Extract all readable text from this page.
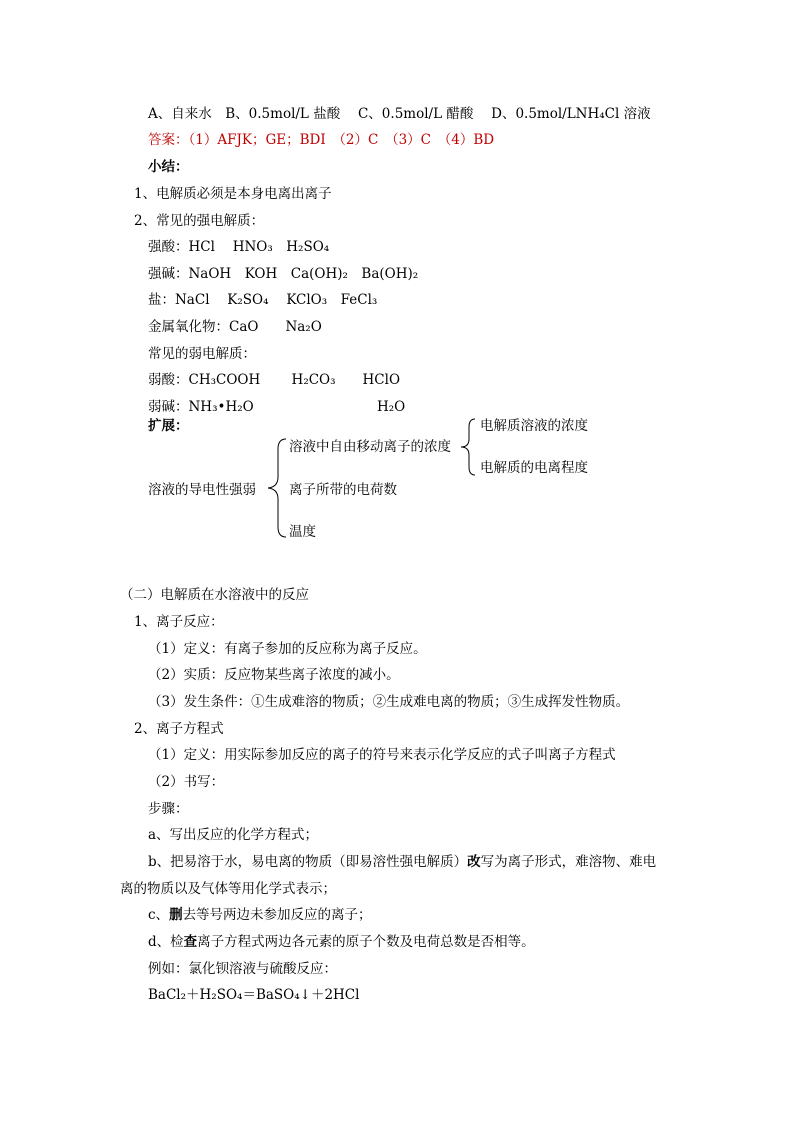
A、自来水　B、0.5mol/L 盐酸　 C、0.5mol/L 醋酸　 D、0.5mol/LNH₄Cl 溶液
答案：（1）AFJK；GE；BDI　（2）C　（3）C　（4）BD
小结：
1、电解质必须是本身电离出离子
2、常见的强电解质：
强酸：HCl　 HNO₃　H₂SO₄
强碱：NaOH　KOH　Ca(OH)₂　Ba(OH)₂
盐：NaCl　 K₂SO₄　 KClO₃　FeCl₃
金属氧化物：CaO　　Na₂O
常见的弱电解质：
弱酸：CH₃COOH　　 H₂CO₃　　HClO
弱碱：NH₃•H₂O	H₂O
扩展：
溶液的导电性强弱
溶液中自由移动离子的浓度
电解质溶液的浓度
电解质的电离程度
离子所带的电荷数
温度
（二）电解质在水溶液中的反应
1、离子反应：
（1）定义：有离子参加的反应称为离子反应。
（2）实质：反应物某些离子浓度的减小。
（3）发生条件：①生成难溶的物质；②生成难电离的物质；③生成挥发性物质。
2、离子方程式
（1）定义：用实际参加反应的离子的符号来表示化学反应的式子叫离子方程式
（2）书写：
步骤：
a、写出反应的化学方程式；
b、把易溶于水，易电离的物质（即易溶性强电解质）改写为离子形式，难溶物、难电
离的物质以及气体等用化学式表示；
c、删去等号两边未参加反应的离子；
d、检查离子方程式两边各元素的原子个数及电荷总数是否相等。
例如：氯化钡溶液与硫酸反应：
BaCl₂＋H₂SO₄＝BaSO₄↓＋2HCl
